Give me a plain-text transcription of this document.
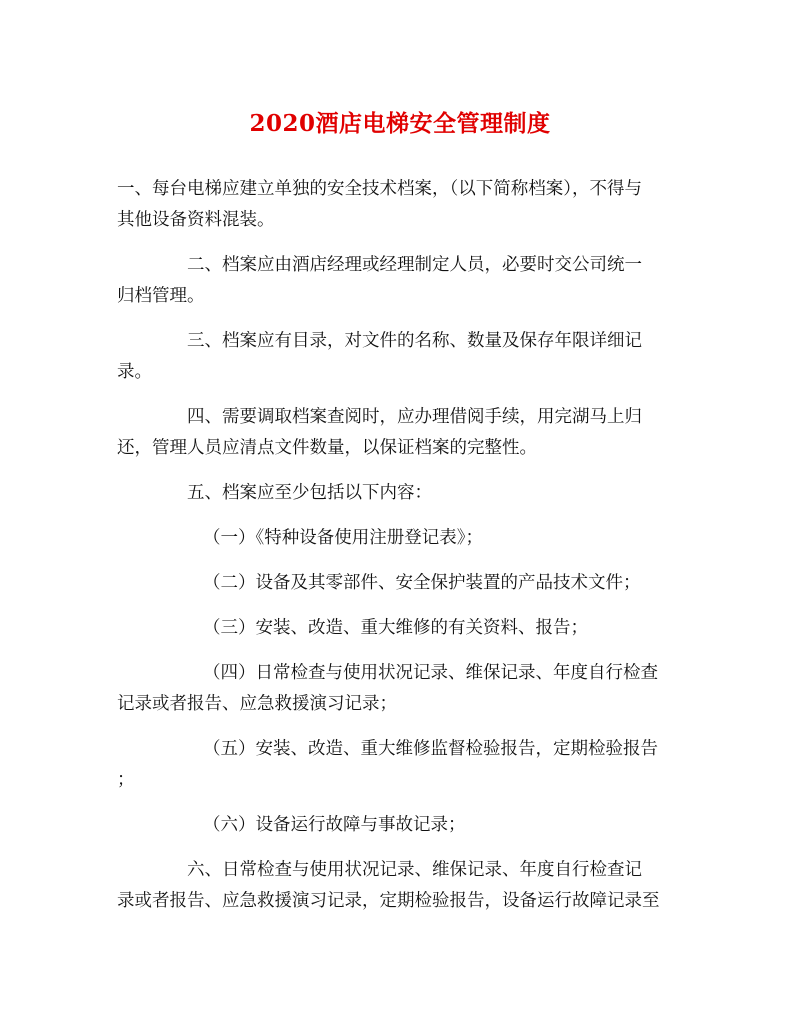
2020酒店电梯安全管理制度

一、每台电梯应建立单独的安全技术档案，（以下简称档案），不得与
其他设备资料混装。

二、档案应由酒店经理或经理制定人员，必要时交公司统一
归档管理。

三、档案应有目录，对文件的名称、数量及保存年限详细记
录。

四、需要调取档案查阅时，应办理借阅手续，用完湖马上归
还，管理人员应清点文件数量，以保证档案的完整性。

五、档案应至少包括以下内容：

（一）《特种设备使用注册登记表》；

（二）设备及其零部件、安全保护装置的产品技术文件；

（三）安装、改造、重大维修的有关资料、报告；

（四）日常检查与使用状况记录、维保记录、年度自行检查
记录或者报告、应急救援演习记录；

（五）安装、改造、重大维修监督检验报告，定期检验报告
；

（六）设备运行故障与事故记录；

六、日常检查与使用状况记录、维保记录、年度自行检查记
录或者报告、应急救援演习记录，定期检验报告，设备运行故障记录至
